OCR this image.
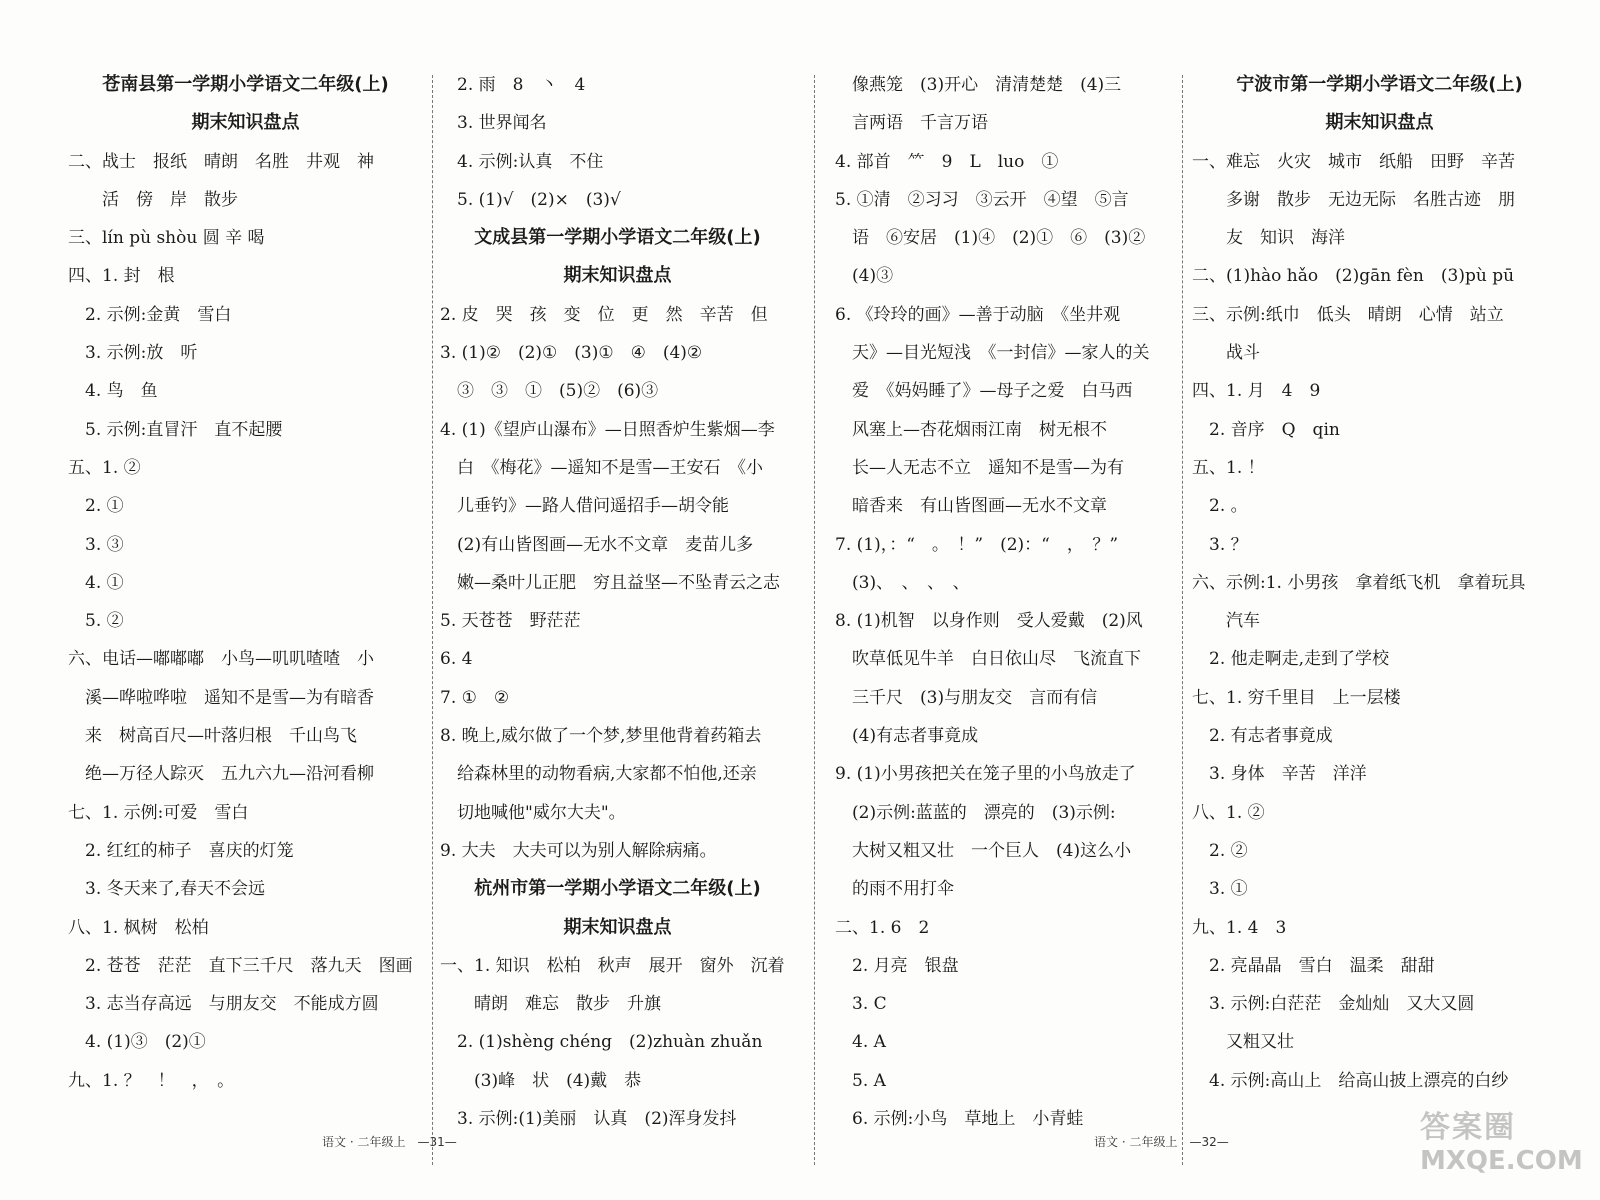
苍南县第一学期小学语文二年级(上)
期末知识盘点
二、战士　报纸　晴朗　名胜　井观　神
　　活　傍　岸　散步
三、lín pù shòu 圆 辛 喝
四、1. 封　根
　2. 示例:金黄　雪白
　3. 示例:放　听
　4. 鸟　鱼
　5. 示例:直冒汗　直不起腰
五、1. ②
　2. ①
　3. ③
　4. ①
　5. ②
六、电话—嘟嘟嘟　小鸟—叽叽喳喳　小
　溪—哗啦哗啦　遥知不是雪—为有暗香
　来　树高百尺—叶落归根　千山鸟飞
　绝—万径人踪灭　五九六九—沿河看柳
七、1. 示例:可爱　雪白
　2. 红红的柿子　喜庆的灯笼
　3. 冬天来了,春天不会远
八、1. 枫树　松柏
　2. 苍苍　茫茫　直下三千尺　落九天　图画
　3. 志当存高远　与朋友交　不能成方圆
　4. (1)③　(2)①
九、1. ？　！　，　。
　2. 雨　8　丶　4
　3. 世界闻名
　4. 示例:认真　不住
　5. (1)√　(2)×　(3)√
文成县第一学期小学语文二年级(上)
期末知识盘点
2. 皮　哭　孩　变　位　更　然　辛苦　但
3. (1)②　(2)①　(3)①　④　(4)②
　③　③　①　(5)②　(6)③
4. (1)《望庐山瀑布》—日照香炉生紫烟—李
　白　《梅花》—遥知不是雪—王安石　《小
　儿垂钓》—路人借问遥招手—胡令能
　(2)有山皆图画—无水不文章　麦苗儿多
　嫩—桑叶儿正肥　穷且益坚—不坠青云之志
5. 天苍苍　野茫茫
6. 4
7. ①　②
8. 晚上,威尔做了一个梦,梦里他背着药箱去
　给森林里的动物看病,大家都不怕他,还亲
　切地喊他"威尔大夫"。
9. 大夫　大夫可以为别人解除病痛。
杭州市第一学期小学语文二年级(上)
期末知识盘点
一、1. 知识　松柏　秋声　展开　窗外　沉着
　　晴朗　难忘　散步　升旗
　2. (1)shèng chéng　(2)zhuàn zhuǎn
　　(3)峰　状　(4)戴　恭
　3. 示例:(1)美丽　认真　(2)浑身发抖
　像燕笼　(3)开心　清清楚楚　(4)三
　言两语　千言万语
4. 部首　⺮　9　L　luo　①
5. ①清　②习习　③云开　④望　⑤言
　语　⑥安居　(1)④　(2)①　⑥　(3)②
　(4)③
6. 《玲玲的画》—善于动脑　《坐井观
　天》—目光短浅　《一封信》—家人的关
　爱　《妈妈睡了》—母子之爱　白马西
　风塞上—杏花烟雨江南　树无根不
　长—人无志不立　遥知不是雪—为有
　暗香来　有山皆图画—无水不文章
7. (1)，：“　。　！”　(2)：“　，　？”
　(3)、　、　、　、
8. (1)机智　以身作则　受人爱戴　(2)风
　吹草低见牛羊　白日依山尽　飞流直下
　三千尺　(3)与朋友交　言而有信
　(4)有志者事竟成
9. (1)小男孩把关在笼子里的小鸟放走了
　(2)示例:蓝蓝的　漂亮的　(3)示例:
　大树又粗又壮　一个巨人　(4)这么小
　的雨不用打伞
二、1. 6　2
　2. 月亮　银盘
　3. C
　4. A
　5. A
　6. 示例:小鸟　草地上　小青蛙
宁波市第一学期小学语文二年级(上)
期末知识盘点
一、难忘　火灾　城市　纸船　田野　辛苦
　　多谢　散步　无边无际　名胜古迹　朋
　　友　知识　海洋
二、(1)hào hǎo　(2)gān fèn　(3)pù pū
三、示例:纸巾　低头　晴朗　心情　站立
　　战斗
四、1. 月　4　9
　2. 音序　Q　qin
五、1. ！
　2. 。
　3. ？
六、示例:1. 小男孩　拿着纸飞机　拿着玩具
　　汽车
　2. 他走啊走,走到了学校
七、1. 穷千里目　上一层楼
　2. 有志者事竟成
　3. 身体　辛苦　洋洋
八、1. ②
　2. ②
　3. ①
九、1. 4　3
　2. 亮晶晶　雪白　温柔　甜甜
　3. 示例:白茫茫　金灿灿　又大又圆
　　又粗又壮
　4. 示例:高山上　给高山披上漂亮的白纱
语文 · 二年级上　—31—	语文 · 二年级上　—32—	答案圈
MXQE.COM
